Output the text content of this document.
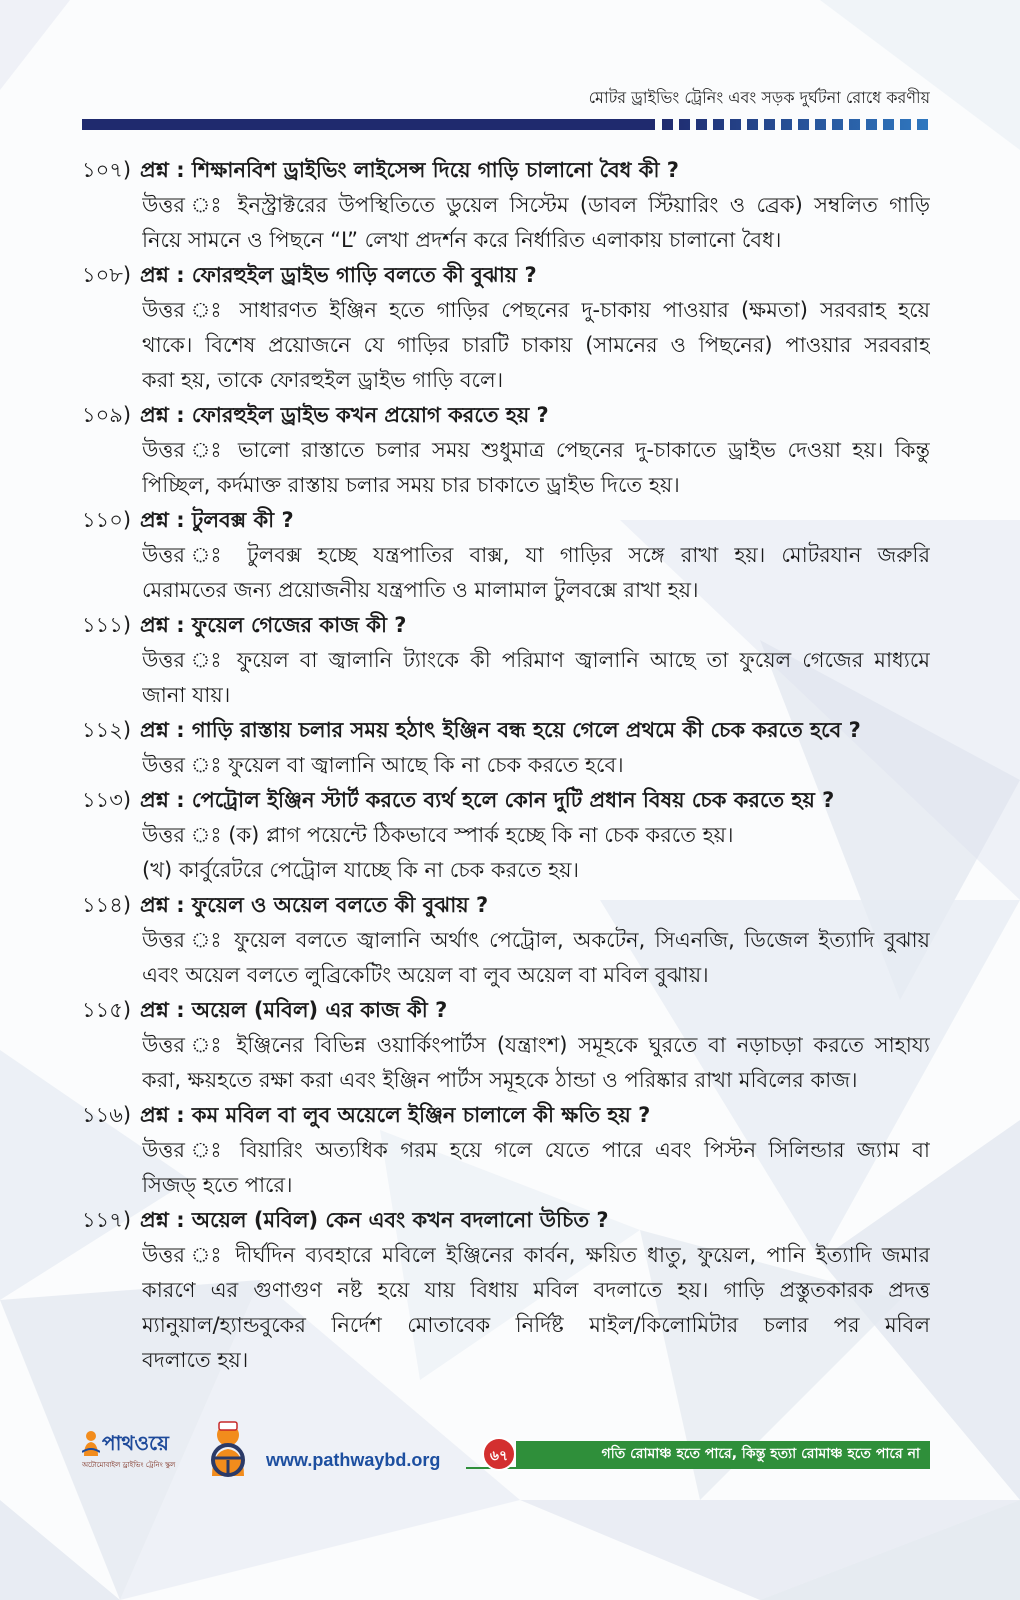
মোটর ড্রাইভিং ট্রেনিং এবং সড়ক দুর্ঘটনা রোধে করণীয়
১০৭) প্রশ্ন : শিক্ষানবিশ ড্রাইভিং লাইসেন্স দিয়ে গাড়ি চালানো বৈধ কী ?
উত্তর ঃ ইনস্ট্রাক্টরের উপস্থিতিতে ডুয়েল সিস্টেম (ডাবল স্টিয়ারিং ও ব্রেক) সম্বলিত গাড়ি
নিয়ে সামনে ও পিছনে “L” লেখা প্রদর্শন করে নির্ধারিত এলাকায় চালানো বৈধ।
১০৮) প্রশ্ন : ফোরহুইল ড্রাইভ গাড়ি বলতে কী বুঝায় ?
উত্তর ঃ সাধারণত ইঞ্জিন হতে গাড়ির পেছনের দু-চাকায় পাওয়ার (ক্ষমতা) সরবরাহ হয়ে
থাকে। বিশেষ প্রয়োজনে যে গাড়ির চারটি চাকায় (সামনের ও পিছনের) পাওয়ার সরবরাহ
করা হয়, তাকে ফোরহুইল ড্রাইভ গাড়ি বলে।
১০৯) প্রশ্ন : ফোরহুইল ড্রাইভ কখন প্রয়োগ করতে হয় ?
উত্তর ঃ ভালো রাস্তাতে চলার সময় শুধুমাত্র পেছনের দু-চাকাতে ড্রাইভ দেওয়া হয়। কিন্তু
পিচ্ছিল, কর্দমাক্ত রাস্তায় চলার সময় চার চাকাতে ড্রাইভ দিতে হয়।
১১০) প্রশ্ন : টুলবক্স কী ?
উত্তর ঃ টুলবক্স হচ্ছে যন্ত্রপাতির বাক্স, যা গাড়ির সঙ্গে রাখা হয়। মোটরযান জরুরি
মেরামতের জন্য প্রয়োজনীয় যন্ত্রপাতি ও মালামাল টুলবক্সে রাখা হয়।
১১১) প্রশ্ন : ফুয়েল গেজের কাজ কী ?
উত্তর ঃ ফুয়েল বা জ্বালানি ট্যাংকে কী পরিমাণ জ্বালানি আছে তা ফুয়েল গেজের মাধ্যমে
জানা যায়।
১১২) প্রশ্ন : গাড়ি রাস্তায় চলার সময় হঠাৎ ইঞ্জিন বন্ধ হয়ে গেলে প্রথমে কী চেক করতে হবে ?
উত্তর ঃ ফুয়েল বা জ্বালানি আছে কি না চেক করতে হবে।
১১৩) প্রশ্ন : পেট্রোল ইঞ্জিন স্টার্ট করতে ব্যর্থ হলে কোন দুটি প্রধান বিষয় চেক করতে হয় ?
উত্তর ঃ (ক) প্লাগ পয়েন্টে ঠিকভাবে স্পার্ক হচ্ছে কি না চেক করতে হয়।
(খ) কার্বুরেটরে পেট্রোল যাচ্ছে কি না চেক করতে হয়।
১১৪) প্রশ্ন : ফুয়েল ও অয়েল বলতে কী বুঝায় ?
উত্তর ঃ ফুয়েল বলতে জ্বালানি অর্থাৎ পেট্রোল, অকটেন, সিএনজি, ডিজেল ইত্যাদি বুঝায়
এবং অয়েল বলতে লুব্রিকেটিং অয়েল বা লুব অয়েল বা মবিল বুঝায়।
১১৫) প্রশ্ন : অয়েল (মবিল) এর কাজ কী ?
উত্তর ঃ ইঞ্জিনের বিভিন্ন ওয়ার্কিংপার্টস (যন্ত্রাংশ) সমূহকে ঘুরতে বা নড়াচড়া করতে সাহায্য
করা, ক্ষয়হতে রক্ষা করা এবং ইঞ্জিন পার্টস সমূহকে ঠান্ডা ও পরিষ্কার রাখা মবিলের কাজ।
১১৬) প্রশ্ন : কম মবিল বা লুব অয়েলে ইঞ্জিন চালালে কী ক্ষতি হয় ?
উত্তর ঃ বিয়ারিং অত্যধিক গরম হয়ে গলে যেতে পারে এবং পিস্টন সিলিন্ডার জ্যাম বা
সিজড্ হতে পারে।
১১৭) প্রশ্ন : অয়েল (মবিল) কেন এবং কখন বদলানো উচিত ?
উত্তর ঃ দীর্ঘদিন ব্যবহারে মবিলে ইঞ্জিনের কার্বন, ক্ষয়িত ধাতু, ফুয়েল, পানি ইত্যাদি জমার
কারণে এর গুণাগুণ নষ্ট হয়ে যায় বিধায় মবিল বদলাতে হয়। গাড়ি প্রস্তুতকারক প্রদত্ত
ম্যানুয়াল/হ্যান্ডবুকের নির্দেশ মোতাবেক নির্দিষ্ট মাইল/কিলোমিটার চলার পর মবিল
বদলাতে হয়।
পাথওয়ে
অটোমোবাইল ড্রাইভিং ট্রেনিং স্কুল	www.pathwaybd.org	গতি রোমাঞ্চ হতে পারে, কিন্তু হত্যা রোমাঞ্চ হতে পারে না
৬৭
